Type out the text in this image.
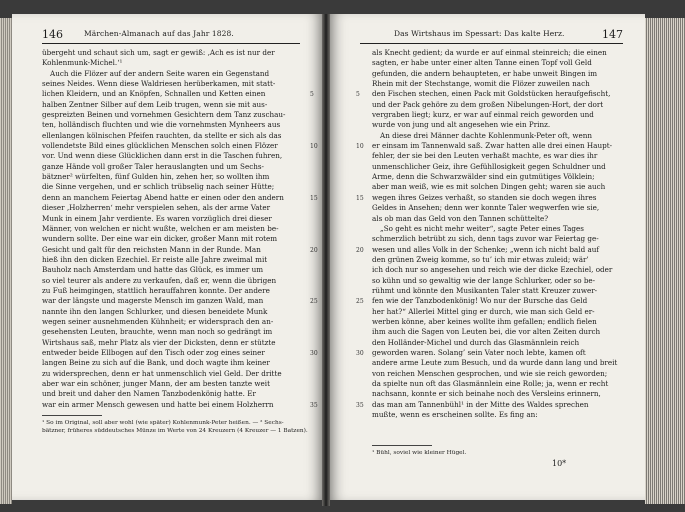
146	Märchen-Almanach auf das Jahr 1828.
übergeht und schaut sich um, sagt er gewiß: ‚Ach es ist nur der
Kohlenmunk-Michel.‘¹
Auch die Flözer auf der andern Seite waren ein Gegenstand
seines Neides. Wenn diese Waldriesen herüberkamen, mit statt-
lichen Kleidern, und an Knöpfen, Schnallen und Ketten einen
halben Zentner Silber auf dem Leib trugen, wenn sie mit aus-
gespreizten Beinen und vornehmen Gesichtern dem Tanz zuschau-
ten, holländisch fluchten und wie die vornehmsten Mynheers aus
ellenlangen kölnischen Pfeifen rauchten, da stellte er sich als das
vollendetste Bild eines glücklichen Menschen solch einen Flözer
vor. Und wenn diese Glücklichen dann erst in die Taschen fuhren,
ganze Hände voll großer Taler herauslangten und um Sechs-
bätzner² würfelten, fünf Gulden hin, zehen her, so wollten ihm
die Sinne vergehen, und er schlich trübselig nach seiner Hütte;
denn an manchem Feiertag Abend hatte er einen oder den andern
dieser ‚Holzherren‘ mehr verspielen sehen, als der arme Vater
Munk in einem Jahr verdiente. Es waren vorzüglich drei dieser
Männer, von welchen er nicht wußte, welchen er am meisten be-
wundern sollte. Der eine war ein dicker, großer Mann mit rotem
Gesicht und galt für den reichsten Mann in der Runde. Man
hieß ihn den dicken Ezechiel. Er reiste alle Jahre zweimal mit
Bauholz nach Amsterdam und hatte das Glück, es immer um
so viel teurer als andere zu verkaufen, daß er, wenn die übrigen
zu Fuß heimgingen, stattlich herauffahren konnte. Der andere
war der längste und magerste Mensch im ganzen Wald, man
nannte ihn den langen Schlurker, und diesen beneidete Munk
wegen seiner ausnehmenden Kühnheit; er widersprach den an-
gesehensten Leuten, brauchte, wenn man noch so gedrängt im
Wirtshaus saß, mehr Platz als vier der Dicksten, denn er stützte
entweder beide Ellbogen auf den Tisch oder zog eines seiner
langen Beine zu sich auf die Bank, und doch wagte ihm keiner
zu widersprechen, denn er hat unmenschlich viel Geld. Der dritte
aber war ein schöner, junger Mann, der am besten tanzte weit
und breit und daher den Namen Tanzbodenkönig hatte. Er
war ein armer Mensch gewesen und hatte bei einem Holzherrn
5
10
15
20
25
30
35
¹ So im Original, soll aber wohl (wie später) Kohlenmunk-Peter heißen. — ² Sechs-
bätzner, früheres süddeutsches Münze im Werte von 24 Kreuzern (4 Kreuzer — 1 Batzen).
Das Wirtshaus im Spessart: Das kalte Herz.	147
als Knecht gedient; da wurde er auf einmal steinreich; die einen
sagten, er habe unter einer alten Tanne einen Topf voll Geld
gefunden, die andern behaupteten, er habe unweit Bingen im
Rhein mit der Stechstange, womit die Flözer zuweilen nach
den Fischen stechen, einen Pack mit Goldstücken heraufgefischt,
und der Pack gehöre zu dem großen Nibelungen-Hort, der dort
vergraben liegt; kurz, er war auf einmal reich geworden und
wurde von jung und alt angesehen wie ein Prinz.
An diese drei Männer dachte Kohlenmunk-Peter oft, wenn
er einsam im Tannenwald saß. Zwar hatten alle drei einen Haupt-
fehler, der sie bei den Leuten verhaßt machte, es war dies ihr
unmenschlicher Geiz, ihre Gefühllosigkeit gegen Schuldner und
Arme, denn die Schwarzwälder sind ein gutmütiges Völklein;
aber man weiß, wie es mit solchen Dingen geht; waren sie auch
wegen ihres Geizes verhaßt, so standen sie doch wegen ihres
Geldes in Ansehen; denn wer konnte Taler wegwerfen wie sie,
als ob man das Geld von den Tannen schüttelte?
„So geht es nicht mehr weiter“, sagte Peter eines Tages
schmerzlich betrübt zu sich, denn tags zuvor war Feiertag ge-
wesen und alles Volk in der Schenke; „wenn ich nicht bald auf
den grünen Zweig komme, so tu’ ich mir etwas zuleid; wär’
ich doch nur so angesehen und reich wie der dicke Ezechiel, oder
so kühn und so gewaltig wie der lange Schlurker, oder so be-
rühmt und könnte den Musikanten Taler statt Kreuzer zuwer-
fen wie der Tanzbodenkönig! Wo nur der Bursche das Geld
her hat?“ Allerlei Mittel ging er durch, wie man sich Geld er-
werben könne, aber keines wollte ihm gefallen; endlich fielen
ihm auch die Sagen von Leuten bei, die vor alten Zeiten durch
den Holländer-Michel und durch das Glasmännlein reich
geworden waren. Solang’ sein Vater noch lebte, kamen oft
andere arme Leute zum Besuch, und da wurde dann lang und breit
von reichen Menschen gesprochen, und wie sie reich geworden;
da spielte nun oft das Glasmännlein eine Rolle; ja, wenn er recht
nachsann, konnte er sich beinahe noch des Versleins erinnern,
das man am Tannenbühl¹ in der Mitte des Waldes sprechen
mußte, wenn es erscheinen sollte. Es fing an:
5
10
15
20
25
30
35
¹ Bühl, soviel wie kleiner Hügel.
10*
